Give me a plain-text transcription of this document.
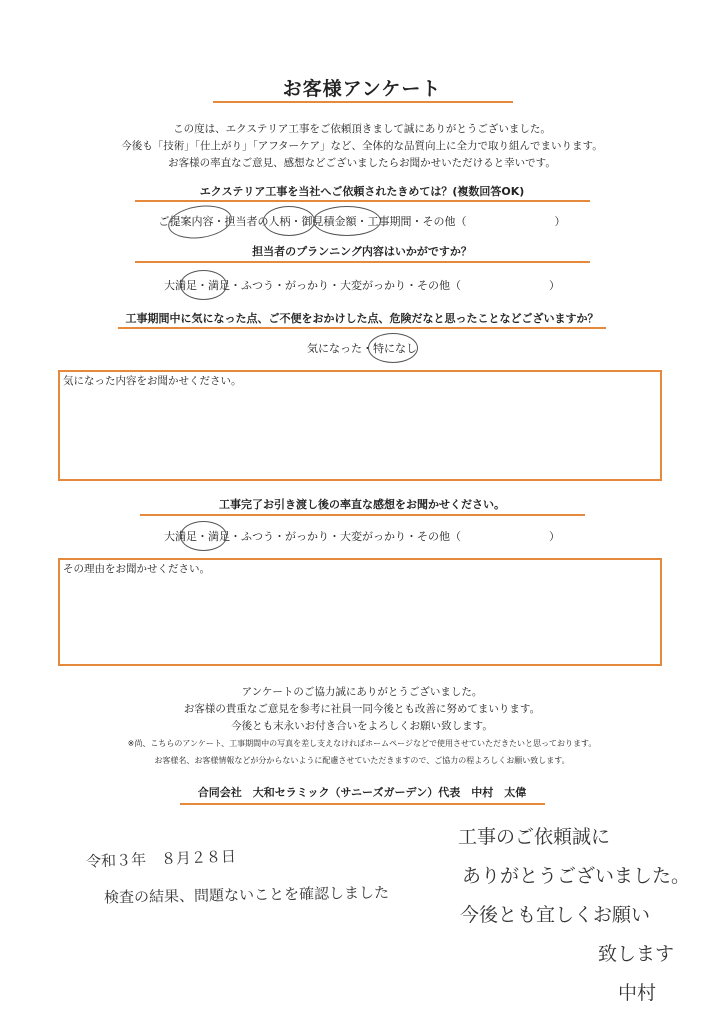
お客様アンケート
この度は、エクステリア工事をご依頼頂きまして誠にありがとうございました。
今後も「技術」「仕上がり」「アフターケア」など、全体的な品質向上に全力で取り組んでまいります。
お客様の率直なご意見、感想などございましたらお聞かせいただけると幸いです。
エクステリア工事を当社へご依頼されたきめては？(複数回答OK)
ご提案内容・担当者の人柄・御見積金額・工事期間・その他（　　　　　　　　）
担当者のプランニング内容はいかがですか？
大満足・満足・ふつう・がっかり・大変がっかり・その他（　　　　　　　　）
工事期間中に気になった点、ご不便をおかけした点、危険だなと思ったことなどございますか？
気になった・特になし
気になった内容をお聞かせください。
工事完了お引き渡し後の率直な感想をお聞かせください。
大満足・満足・ふつう・がっかり・大変がっかり・その他（　　　　　　　　）
その理由をお聞かせください。
アンケートのご協力誠にありがとうございました。
お客様の貴重なご意見を参考に社員一同今後とも改善に努めてまいります。
今後とも末永いお付き合いをよろしくお願い致します。
※尚、こちらのアンケート、工事期間中の写真を差し支えなければホームページなどで使用させていただきたいと思っております。
お客様名、お客様情報などが分からないように配慮させていただきますので、ご協力の程よろしくお願い致します。
合同会社　大和セラミック（サニーズガーデン）代表　中村　太偉
令和３年　８月２８日
検査の結果、問題ないことを確認しました
工事のご依頼誠に
ありがとうございました。
今後とも宜しくお願い
致します
中村
